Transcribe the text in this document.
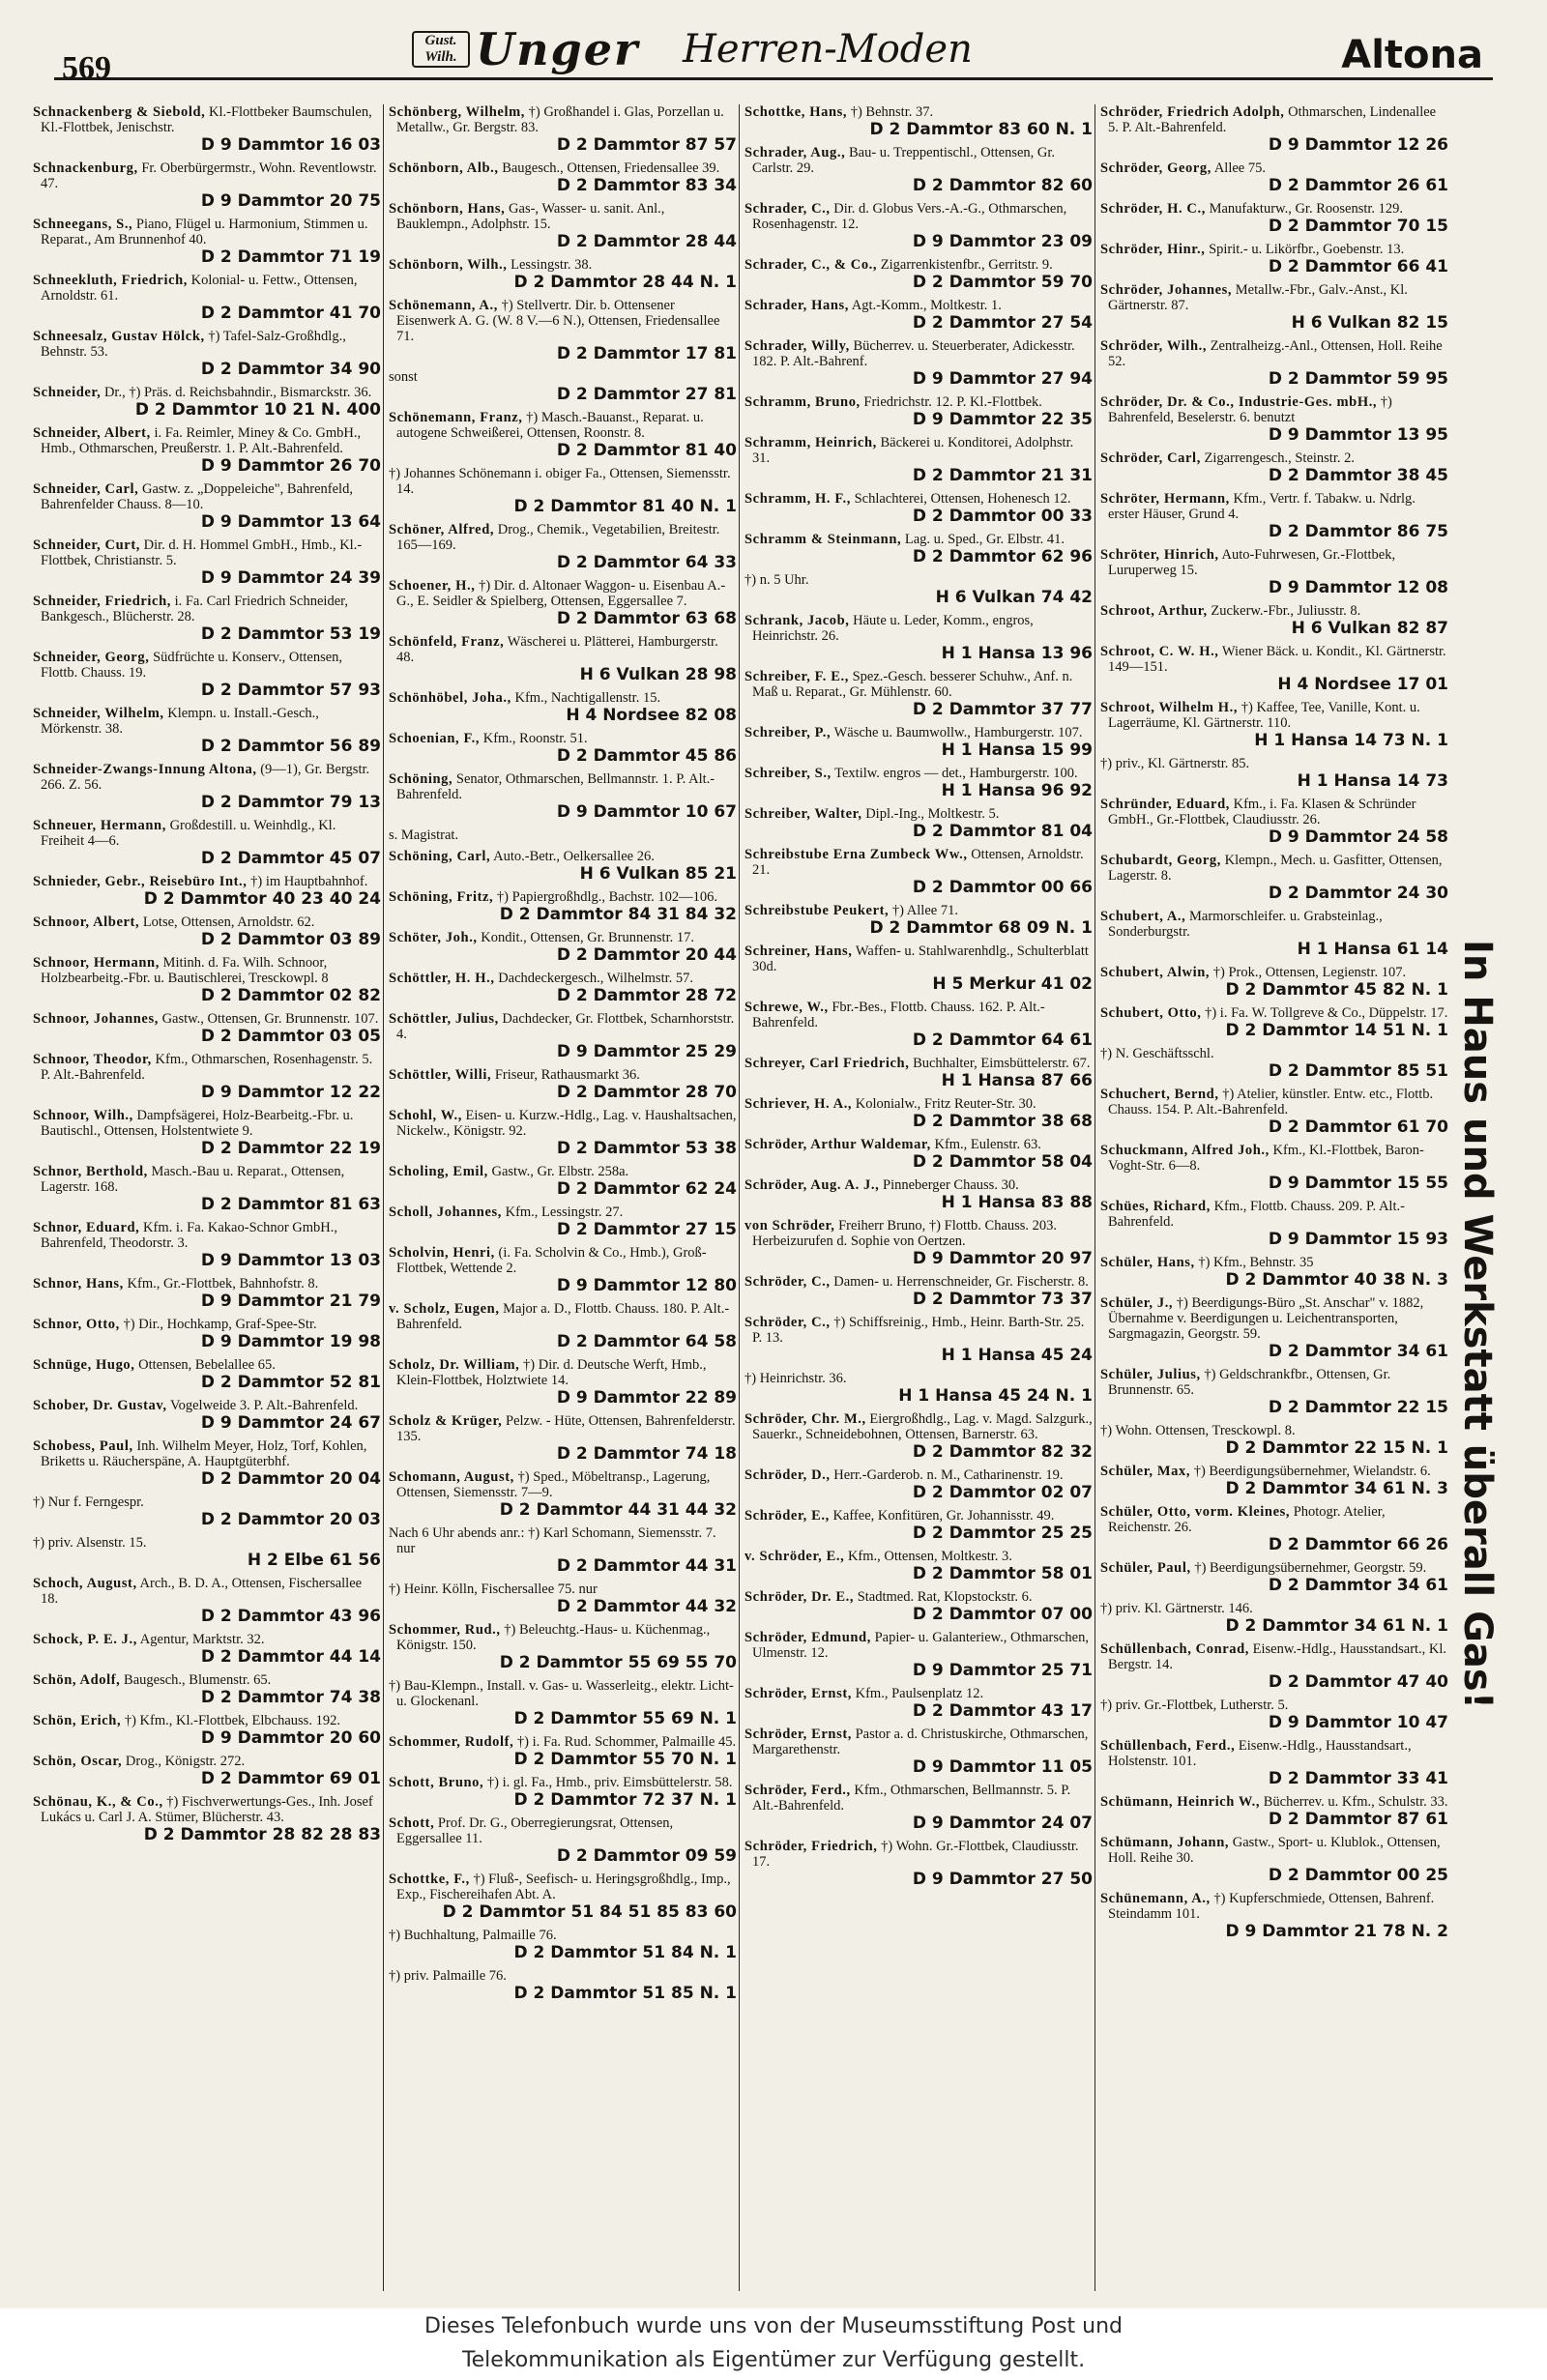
569
Gust. Wilh. Unger Herren-Moden	Altona
Schnackenberg & Siebold, Kl.-Flottbeker Baumschulen, Kl.-Flottbek, Jenischstr.
D 9 Dammtor 16 03
Schnackenburg, Fr. Oberbürgermstr., Wohn. Reventlowstr. 47.
D 9 Dammtor 20 75
Schneegans, S., Piano, Flügel u. Harmonium, Stimmen u. Reparat., Am Brunnenhof 40.
D 2 Dammtor 71 19
Schneekluth, Friedrich, Kolonial- u. Fettw., Ottensen, Arnoldstr. 61.
D 2 Dammtor 41 70
Schneesalz, Gustav Hölck, †) Tafel-Salz-Großhdlg., Behnstr. 53.
D 2 Dammtor 34 90
Schneider, Dr., †) Präs. d. Reichsbahndir., Bismarckstr. 36.
D 2 Dammtor 10 21 N. 400
Schneider, Albert, i. Fa. Reimler, Miney & Co. GmbH., Hmb., Othmarschen, Preußerstr. 1. P. Alt.-Bahrenfeld.
D 9 Dammtor 26 70
Schneider, Carl, Gastw. z. „Doppeleiche", Bahrenfeld, Bahrenfelder Chauss. 8—10.
D 9 Dammtor 13 64
Schneider, Curt, Dir. d. H. Hommel GmbH., Hmb., Kl.-Flottbek, Christianstr. 5.
D 9 Dammtor 24 39
Schneider, Friedrich, i. Fa. Carl Friedrich Schneider, Bankgesch., Blücherstr. 28.
D 2 Dammtor 53 19
Schneider, Georg, Südfrüchte u. Konserv., Ottensen, Flottb. Chauss. 19.
D 2 Dammtor 57 93
Schneider, Wilhelm, Klempn. u. Install.-Gesch., Mörkenstr. 38.
D 2 Dammtor 56 89
Schneider-Zwangs-Innung Altona, (9—1), Gr. Bergstr. 266. Z. 56.
D 2 Dammtor 79 13
Schneuer, Hermann, Großdestill. u. Weinhdlg., Kl. Freiheit 4—6.
D 2 Dammtor 45 07
Schnieder, Gebr., Reisebüro Int., †) im Hauptbahnhof.
D 2 Dammtor 40 23 40 24
Schnoor, Albert, Lotse, Ottensen, Arnoldstr. 62.
D 2 Dammtor 03 89
Schnoor, Hermann, Mitinh. d. Fa. Wilh. Schnoor, Holzbearbeitg.-Fbr. u. Bautischlerei, Tresckowpl. 8
D 2 Dammtor 02 82
Schnoor, Johannes, Gastw., Ottensen, Gr. Brunnenstr. 107.
D 2 Dammtor 03 05
Schnoor, Theodor, Kfm., Othmarschen, Rosenhagenstr. 5. P. Alt.-Bahrenfeld.
D 9 Dammtor 12 22
Schnoor, Wilh., Dampfsägerei, Holz-Bearbeitg.-Fbr. u. Bautischl., Ottensen, Holstentwiete 9.
D 2 Dammtor 22 19
Schnor, Berthold, Masch.-Bau u. Reparat., Ottensen, Lagerstr. 168.
D 2 Dammtor 81 63
Schnor, Eduard, Kfm. i. Fa. Kakao-Schnor GmbH., Bahrenfeld, Theodorstr. 3.
D 9 Dammtor 13 03
Schnor, Hans, Kfm., Gr.-Flottbek, Bahnhofstr. 8.
D 9 Dammtor 21 79
Schnor, Otto, †) Dir., Hochkamp, Graf-Spee-Str.
D 9 Dammtor 19 98
Schnüge, Hugo, Ottensen, Bebelallee 65.
D 2 Dammtor 52 81
Schober, Dr. Gustav, Vogelweide 3. P. Alt.-Bahrenfeld.
D 9 Dammtor 24 67
Schobess, Paul, Inh. Wilhelm Meyer, Holz, Torf, Kohlen, Briketts u. Räucherspäne, A. Hauptgüterbhf.
D 2 Dammtor 20 04
†) Nur f. Ferngespr.
D 2 Dammtor 20 03
†) priv. Alsenstr. 15.
H 2 Elbe 61 56
Schoch, August, Arch., B. D. A., Ottensen, Fischersallee 18.
D 2 Dammtor 43 96
Schock, P. E. J., Agentur, Marktstr. 32.
D 2 Dammtor 44 14
Schön, Adolf, Baugesch., Blumenstr. 65.
D 2 Dammtor 74 38
Schön, Erich, †) Kfm., Kl.-Flottbek, Elbchauss. 192.
D 9 Dammtor 20 60
Schön, Oscar, Drog., Königstr. 272.
D 2 Dammtor 69 01
Schönau, K., & Co., †) Fischverwertungs-Ges., Inh. Josef Lukács u. Carl J. A. Stümer, Blücherstr. 43.
D 2 Dammtor 28 82 28 83
Schönberg, Wilhelm, †) Großhandel i. Glas, Porzellan u. Metallw., Gr. Bergstr. 83.
D 2 Dammtor 87 57
Schönborn, Alb., Baugesch., Ottensen, Friedensallee 39.
D 2 Dammtor 83 34
Schönborn, Hans, Gas-, Wasser- u. sanit. Anl., Bauklempn., Adolphstr. 15.
D 2 Dammtor 28 44
Schönborn, Wilh., Lessingstr. 38.
D 2 Dammtor 28 44 N. 1
Schönemann, A., †) Stellvertr. Dir. b. Ottensener Eisenwerk A. G. (W. 8 V.—6 N.), Ottensen, Friedensallee 71.
D 2 Dammtor 17 81
sonst
D 2 Dammtor 27 81
Schönemann, Franz, †) Masch.-Bauanst., Reparat. u. autogene Schweißerei, Ottensen, Roonstr. 8.
D 2 Dammtor 81 40
†) Johannes Schönemann i. obiger Fa., Ottensen, Siemensstr. 14.
D 2 Dammtor 81 40 N. 1
Schöner, Alfred, Drog., Chemik., Vegetabilien, Breitestr. 165—169.
D 2 Dammtor 64 33
Schoener, H., †) Dir. d. Altonaer Waggon- u. Eisenbau A.-G., E. Seidler & Spielberg, Ottensen, Eggersallee 7.
D 2 Dammtor 63 68
Schönfeld, Franz, Wäscherei u. Plätterei, Hamburgerstr. 48.
H 6 Vulkan 28 98
Schönhöbel, Joha., Kfm., Nachtigallenstr. 15.
H 4 Nordsee 82 08
Schoenian, F., Kfm., Roonstr. 51.
D 2 Dammtor 45 86
Schöning, Senator, Othmarschen, Bellmannstr. 1. P. Alt.-Bahrenfeld.
D 9 Dammtor 10 67
s. Magistrat.
Schöning, Carl, Auto.-Betr., Oelkersallee 26.
H 6 Vulkan 85 21
Schöning, Fritz, †) Papiergroßhdlg., Bachstr. 102—106.
D 2 Dammtor 84 31 84 32
Schöter, Joh., Kondit., Ottensen, Gr. Brunnenstr. 17.
D 2 Dammtor 20 44
Schöttler, H. H., Dachdeckergesch., Wilhelmstr. 57.
D 2 Dammtor 28 72
Schöttler, Julius, Dachdecker, Gr. Flottbek, Scharnhorststr. 4.
D 9 Dammtor 25 29
Schöttler, Willi, Friseur, Rathausmarkt 36.
D 2 Dammtor 28 70
Schohl, W., Eisen- u. Kurzw.-Hdlg., Lag. v. Haushaltsachen, Nickelw., Königstr. 92.
D 2 Dammtor 53 38
Scholing, Emil, Gastw., Gr. Elbstr. 258a.
D 2 Dammtor 62 24
Scholl, Johannes, Kfm., Lessingstr. 27.
D 2 Dammtor 27 15
Scholvin, Henri, (i. Fa. Scholvin & Co., Hmb.), Groß-Flottbek, Wettende 2.
D 9 Dammtor 12 80
v. Scholz, Eugen, Major a. D., Flottb. Chauss. 180. P. Alt.-Bahrenfeld.
D 2 Dammtor 64 58
Scholz, Dr. William, †) Dir. d. Deutsche Werft, Hmb., Klein-Flottbek, Holztwiete 14.
D 9 Dammtor 22 89
Scholz & Krüger, Pelzw. - Hüte, Ottensen, Bahrenfelderstr. 135.
D 2 Dammtor 74 18
Schomann, August, †) Sped., Möbeltransp., Lagerung, Ottensen, Siemensstr. 7—9.
D 2 Dammtor 44 31 44 32
Nach 6 Uhr abends anr.: †) Karl Schomann, Siemensstr. 7. nur
D 2 Dammtor 44 31
†) Heinr. Kölln, Fischersallee 75. nur
D 2 Dammtor 44 32
Schommer, Rud., †) Beleuchtg.-Haus- u. Küchenmag., Königstr. 150.
D 2 Dammtor 55 69 55 70
†) Bau-Klempn., Install. v. Gas- u. Wasserleitg., elektr. Licht- u. Glockenanl.
D 2 Dammtor 55 69 N. 1
Schommer, Rudolf, †) i. Fa. Rud. Schommer, Palmaille 45.
D 2 Dammtor 55 70 N. 1
Schott, Bruno, †) i. gl. Fa., Hmb., priv. Eimsbüttelerstr. 58.
D 2 Dammtor 72 37 N. 1
Schott, Prof. Dr. G., Oberregierungsrat, Ottensen, Eggersallee 11.
D 2 Dammtor 09 59
Schottke, F., †) Fluß-, Seefisch- u. Heringsgroßhdlg., Imp., Exp., Fischereihafen Abt. A.
D 2 Dammtor 51 84 51 85 83 60
†) Buchhaltung, Palmaille 76.
D 2 Dammtor 51 84 N. 1
†) priv. Palmaille 76.
D 2 Dammtor 51 85 N. 1
Schottke, Hans, †) Behnstr. 37.
D 2 Dammtor 83 60 N. 1
Schrader, Aug., Bau- u. Treppentischl., Ottensen, Gr. Carlstr. 29.
D 2 Dammtor 82 60
Schrader, C., Dir. d. Globus Vers.-A.-G., Othmarschen, Rosenhagenstr. 12.
D 9 Dammtor 23 09
Schrader, C., & Co., Zigarrenkistenfbr., Gerritstr. 9.
D 2 Dammtor 59 70
Schrader, Hans, Agt.-Komm., Moltkestr. 1.
D 2 Dammtor 27 54
Schrader, Willy, Bücherrev. u. Steuerberater, Adickesstr. 182. P. Alt.-Bahrenf.
D 9 Dammtor 27 94
Schramm, Bruno, Friedrichstr. 12. P. Kl.-Flottbek.
D 9 Dammtor 22 35
Schramm, Heinrich, Bäckerei u. Konditorei, Adolphstr. 31.
D 2 Dammtor 21 31
Schramm, H. F., Schlachterei, Ottensen, Hohenesch 12.
D 2 Dammtor 00 33
Schramm & Steinmann, Lag. u. Sped., Gr. Elbstr. 41.
D 2 Dammtor 62 96
†) n. 5 Uhr.
H 6 Vulkan 74 42
Schrank, Jacob, Häute u. Leder, Komm., engros, Heinrichstr. 26.
H 1 Hansa 13 96
Schreiber, F. E., Spez.-Gesch. besserer Schuhw., Anf. n. Maß u. Reparat., Gr. Mühlenstr. 60.
D 2 Dammtor 37 77
Schreiber, P., Wäsche u. Baumwollw., Hamburgerstr. 107.
H 1 Hansa 15 99
Schreiber, S., Textilw. engros — det., Hamburgerstr. 100.
H 1 Hansa 96 92
Schreiber, Walter, Dipl.-Ing., Moltkestr. 5.
D 2 Dammtor 81 04
Schreibstube Erna Zumbeck Ww., Ottensen, Arnoldstr. 21.
D 2 Dammtor 00 66
Schreibstube Peukert, †) Allee 71.
D 2 Dammtor 68 09 N. 1
Schreiner, Hans, Waffen- u. Stahlwarenhdlg., Schulterblatt 30d.
H 5 Merkur 41 02
Schrewe, W., Fbr.-Bes., Flottb. Chauss. 162. P. Alt.-Bahrenfeld.
D 2 Dammtor 64 61
Schreyer, Carl Friedrich, Buchhalter, Eimsbüttelerstr. 67.
H 1 Hansa 87 66
Schriever, H. A., Kolonialw., Fritz Reuter-Str. 30.
D 2 Dammtor 38 68
Schröder, Arthur Waldemar, Kfm., Eulenstr. 63.
D 2 Dammtor 58 04
Schröder, Aug. A. J., Pinneberger Chauss. 30.
H 1 Hansa 83 88
von Schröder, Freiherr Bruno, †) Flottb. Chauss. 203. Herbeizurufen d. Sophie von Oertzen.
D 9 Dammtor 20 97
Schröder, C., Damen- u. Herrenschneider, Gr. Fischerstr. 8.
D 2 Dammtor 73 37
Schröder, C., †) Schiffsreinig., Hmb., Heinr. Barth-Str. 25. P. 13.
H 1 Hansa 45 24
†) Heinrichstr. 36.
H 1 Hansa 45 24 N. 1
Schröder, Chr. M., Eiergroßhdlg., Lag. v. Magd. Salzgurk., Sauerkr., Schneidebohnen, Ottensen, Barnerstr. 63.
D 2 Dammtor 82 32
Schröder, D., Herr.-Garderob. n. M., Catharinenstr. 19.
D 2 Dammtor 02 07
Schröder, E., Kaffee, Konfitüren, Gr. Johannisstr. 49.
D 2 Dammtor 25 25
v. Schröder, E., Kfm., Ottensen, Moltkestr. 3.
D 2 Dammtor 58 01
Schröder, Dr. E., Stadtmed. Rat, Klopstockstr. 6.
D 2 Dammtor 07 00
Schröder, Edmund, Papier- u. Galanteriew., Othmarschen, Ulmenstr. 12.
D 9 Dammtor 25 71
Schröder, Ernst, Kfm., Paulsenplatz 12.
D 2 Dammtor 43 17
Schröder, Ernst, Pastor a. d. Christuskirche, Othmarschen, Margarethenstr.
D 9 Dammtor 11 05
Schröder, Ferd., Kfm., Othmarschen, Bellmannstr. 5. P. Alt.-Bahrenfeld.
D 9 Dammtor 24 07
Schröder, Friedrich, †) Wohn. Gr.-Flottbek, Claudiusstr. 17.
D 9 Dammtor 27 50
Schröder, Friedrich Adolph, Othmarschen, Lindenallee 5. P. Alt.-Bahrenfeld.
D 9 Dammtor 12 26
Schröder, Georg, Allee 75.
D 2 Dammtor 26 61
Schröder, H. C., Manufakturw., Gr. Roosenstr. 129.
D 2 Dammtor 70 15
Schröder, Hinr., Spirit.- u. Likörfbr., Goebenstr. 13.
D 2 Dammtor 66 41
Schröder, Johannes, Metallw.-Fbr., Galv.-Anst., Kl. Gärtnerstr. 87.
H 6 Vulkan 82 15
Schröder, Wilh., Zentralheizg.-Anl., Ottensen, Holl. Reihe 52.
D 2 Dammtor 59 95
Schröder, Dr. & Co., Industrie-Ges. mbH., †) Bahrenfeld, Beselerstr. 6. benutzt
D 9 Dammtor 13 95
Schröder, Carl, Zigarrengesch., Steinstr. 2.
D 2 Dammtor 38 45
Schröter, Hermann, Kfm., Vertr. f. Tabakw. u. Ndrlg. erster Häuser, Grund 4.
D 2 Dammtor 86 75
Schröter, Hinrich, Auto-Fuhrwesen, Gr.-Flottbek, Luruperweg 15.
D 9 Dammtor 12 08
Schroot, Arthur, Zuckerw.-Fbr., Juliusstr. 8.
H 6 Vulkan 82 87
Schroot, C. W. H., Wiener Bäck. u. Kondit., Kl. Gärtnerstr. 149—151.
H 4 Nordsee 17 01
Schroot, Wilhelm H., †) Kaffee, Tee, Vanille, Kont. u. Lagerräume, Kl. Gärtnerstr. 110.
H 1 Hansa 14 73 N. 1
†) priv., Kl. Gärtnerstr. 85.
H 1 Hansa 14 73
Schründer, Eduard, Kfm., i. Fa. Klasen & Schründer GmbH., Gr.-Flottbek, Claudiusstr. 26.
D 9 Dammtor 24 58
Schubardt, Georg, Klempn., Mech. u. Gasfitter, Ottensen, Lagerstr. 8.
D 2 Dammtor 24 30
Schubert, A., Marmorschleifer. u. Grabsteinlag., Sonderburgstr.
H 1 Hansa 61 14
Schubert, Alwin, †) Prok., Ottensen, Legienstr. 107.
D 2 Dammtor 45 82 N. 1
Schubert, Otto, †) i. Fa. W. Tollgreve & Co., Düppelstr. 17.
D 2 Dammtor 14 51 N. 1
†) N. Geschäftsschl.
D 2 Dammtor 85 51
Schuchert, Bernd, †) Atelier, künstler. Entw. etc., Flottb. Chauss. 154. P. Alt.-Bahrenfeld.
D 2 Dammtor 61 70
Schuckmann, Alfred Joh., Kfm., Kl.-Flottbek, Baron-Voght-Str. 6—8.
D 9 Dammtor 15 55
Schües, Richard, Kfm., Flottb. Chauss. 209. P. Alt.-Bahrenfeld.
D 9 Dammtor 15 93
Schüler, Hans, †) Kfm., Behnstr. 35
D 2 Dammtor 40 38 N. 3
Schüler, J., †) Beerdigungs-Büro „St. Anschar" v. 1882, Übernahme v. Beerdigungen u. Leichentransporten, Sargmagazin, Georgstr. 59.
D 2 Dammtor 34 61
Schüler, Julius, †) Geldschrankfbr., Ottensen, Gr. Brunnenstr. 65.
D 2 Dammtor 22 15
†) Wohn. Ottensen, Tresckowpl. 8.
D 2 Dammtor 22 15 N. 1
Schüler, Max, †) Beerdigungsübernehmer, Wielandstr. 6.
D 2 Dammtor 34 61 N. 3
Schüler, Otto, vorm. Kleines, Photogr. Atelier, Reichenstr. 26.
D 2 Dammtor 66 26
Schüler, Paul, †) Beerdigungsübernehmer, Georgstr. 59.
D 2 Dammtor 34 61
†) priv. Kl. Gärtnerstr. 146.
D 2 Dammtor 34 61 N. 1
Schüllenbach, Conrad, Eisenw.-Hdlg., Hausstandsart., Kl. Bergstr. 14.
D 2 Dammtor 47 40
†) priv. Gr.-Flottbek, Lutherstr. 5.
D 9 Dammtor 10 47
Schüllenbach, Ferd., Eisenw.-Hdlg., Hausstandsart., Holstenstr. 101.
D 2 Dammtor 33 41
Schümann, Heinrich W., Bücherrev. u. Kfm., Schulstr. 33.
D 2 Dammtor 87 61
Schümann, Johann, Gastw., Sport- u. Klublok., Ottensen, Holl. Reihe 30.
D 2 Dammtor 00 25
Schünemann, A., †) Kupferschmiede, Ottensen, Bahrenf. Steindamm 101.
D 9 Dammtor 21 78 N. 2
In Haus und Werkstatt überall Gas!
Dieses Telefonbuch wurde uns von der Museumsstiftung Post und
Telekommunikation als Eigentümer zur Verfügung gestellt.
